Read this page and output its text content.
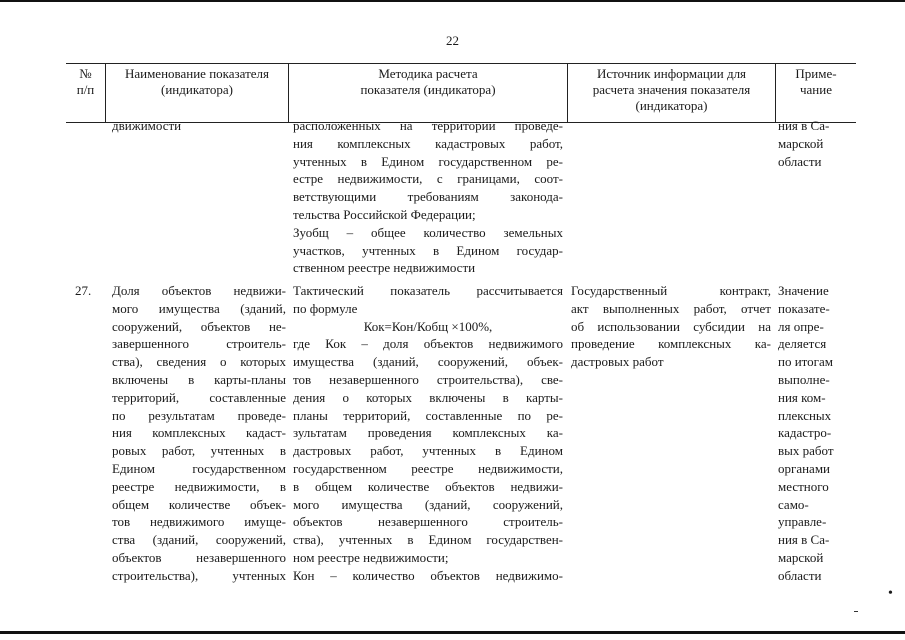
22
№
п/п
Наименование показателя
(индикатора)
Методика расчета
показателя (индикатора)
Источник информации для
расчета значения показателя
(индикатора)
Приме-
чание
движимости	расположенных на территории проведе-

ния комплексных кадастровых работ,

учтенных в Едином государственном ре-

естре недвижимости, с границами, соот-

ветствующими требованиям законода-

тельства Российской Федерации;

Зуобщ – общее количество земельных

участков, учтенных в Едином государ-

ственном реестре недвижимости

ния в Са-
марской
области
27.	Доля объектов недвижи-

мого имущества (зданий,

сооружений, объектов не-

завершенного строитель-

ства), сведения о которых

включены в карты-планы

территорий, составленные

по результатам проведе-

ния комплексных кадаст-

ровых работ, учтенных в

Едином государственном

реестре недвижимости, в

общем количестве объек-

тов недвижимого имуще-

ства (зданий, сооружений,

объектов незавершенного

строительства), учтенных

Тактический показатель рассчитывается

по формуле

Кок=Кон/Кобщ ×100%,

где Кок – доля объектов недвижимого

имущества (зданий, сооружений, объек-

тов незавершенного строительства), све-

дения о которых включены в карты-

планы территорий, составленные по ре-

зультатам проведения комплексных ка-

дастровых работ, учтенных в Едином

государственном реестре недвижимости,

в общем количестве объектов недвижи-

мого имущества (зданий, сооружений,

объектов незавершенного строитель-

ства), учтенных в Едином государствен-

ном реестре недвижимости;

Кон – количество объектов недвижимо-

Государственный контракт,

акт выполненных работ, отчет

об использовании субсидии на

проведение комплексных ка-

дастровых работ

Значение
показате-
ля опре-
деляется
по итогам
выполне-
ния ком-
плексных
кадастро-
вых работ
органами
местного
само-
управле-
ния в Са-
марской
области
•
